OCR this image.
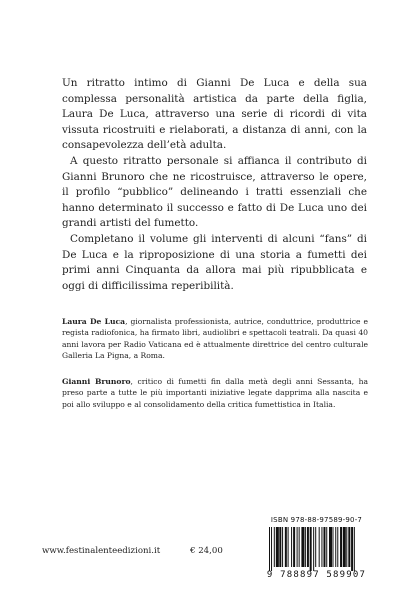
Un ritratto intimo di Gianni De Luca e della sua complessa personalità artistica da parte della figlia, Laura De Luca, attraverso una serie di ricordi di vita vissuta ricostruiti e rielaborati, a distanza di anni, con la consapevolezza dell’età adulta.

A questo ritratto personale si affianca il contributo di Gianni Brunoro che ne ricostruisce, attraverso le opere, il profilo “pubblico” delineando i tratti essenziali che hanno determinato il successo e fatto di De Luca uno dei grandi artisti del fumetto.

Completano il volume gli interventi di alcuni “fans” di De Luca e la riproposizione di una storia a fumetti dei primi anni Cinquanta da allora mai più ripubblicata e oggi di difficilissima reperibilità.

Laura De Luca, giornalista professionista, autrice, conduttrice, produttrice e regista radiofonica, ha firmato libri, audiolibri e spettacoli teatrali. Da quasi 40 anni lavora per Radio Vaticana ed è attualmente direttrice del centro culturale Galleria La Pigna, a Roma.

Gianni Brunoro, critico di fumetti fin dalla metà degli anni Sessanta, ha preso parte a tutte le più importanti iniziative legate dapprima alla nascita e poi allo sviluppo e al consolidamento della critica fumettistica in Italia.

www.festinalenteedizioni.it	€ 24,00
ISBN 978-88-97589-90-7
9 788897 589907
